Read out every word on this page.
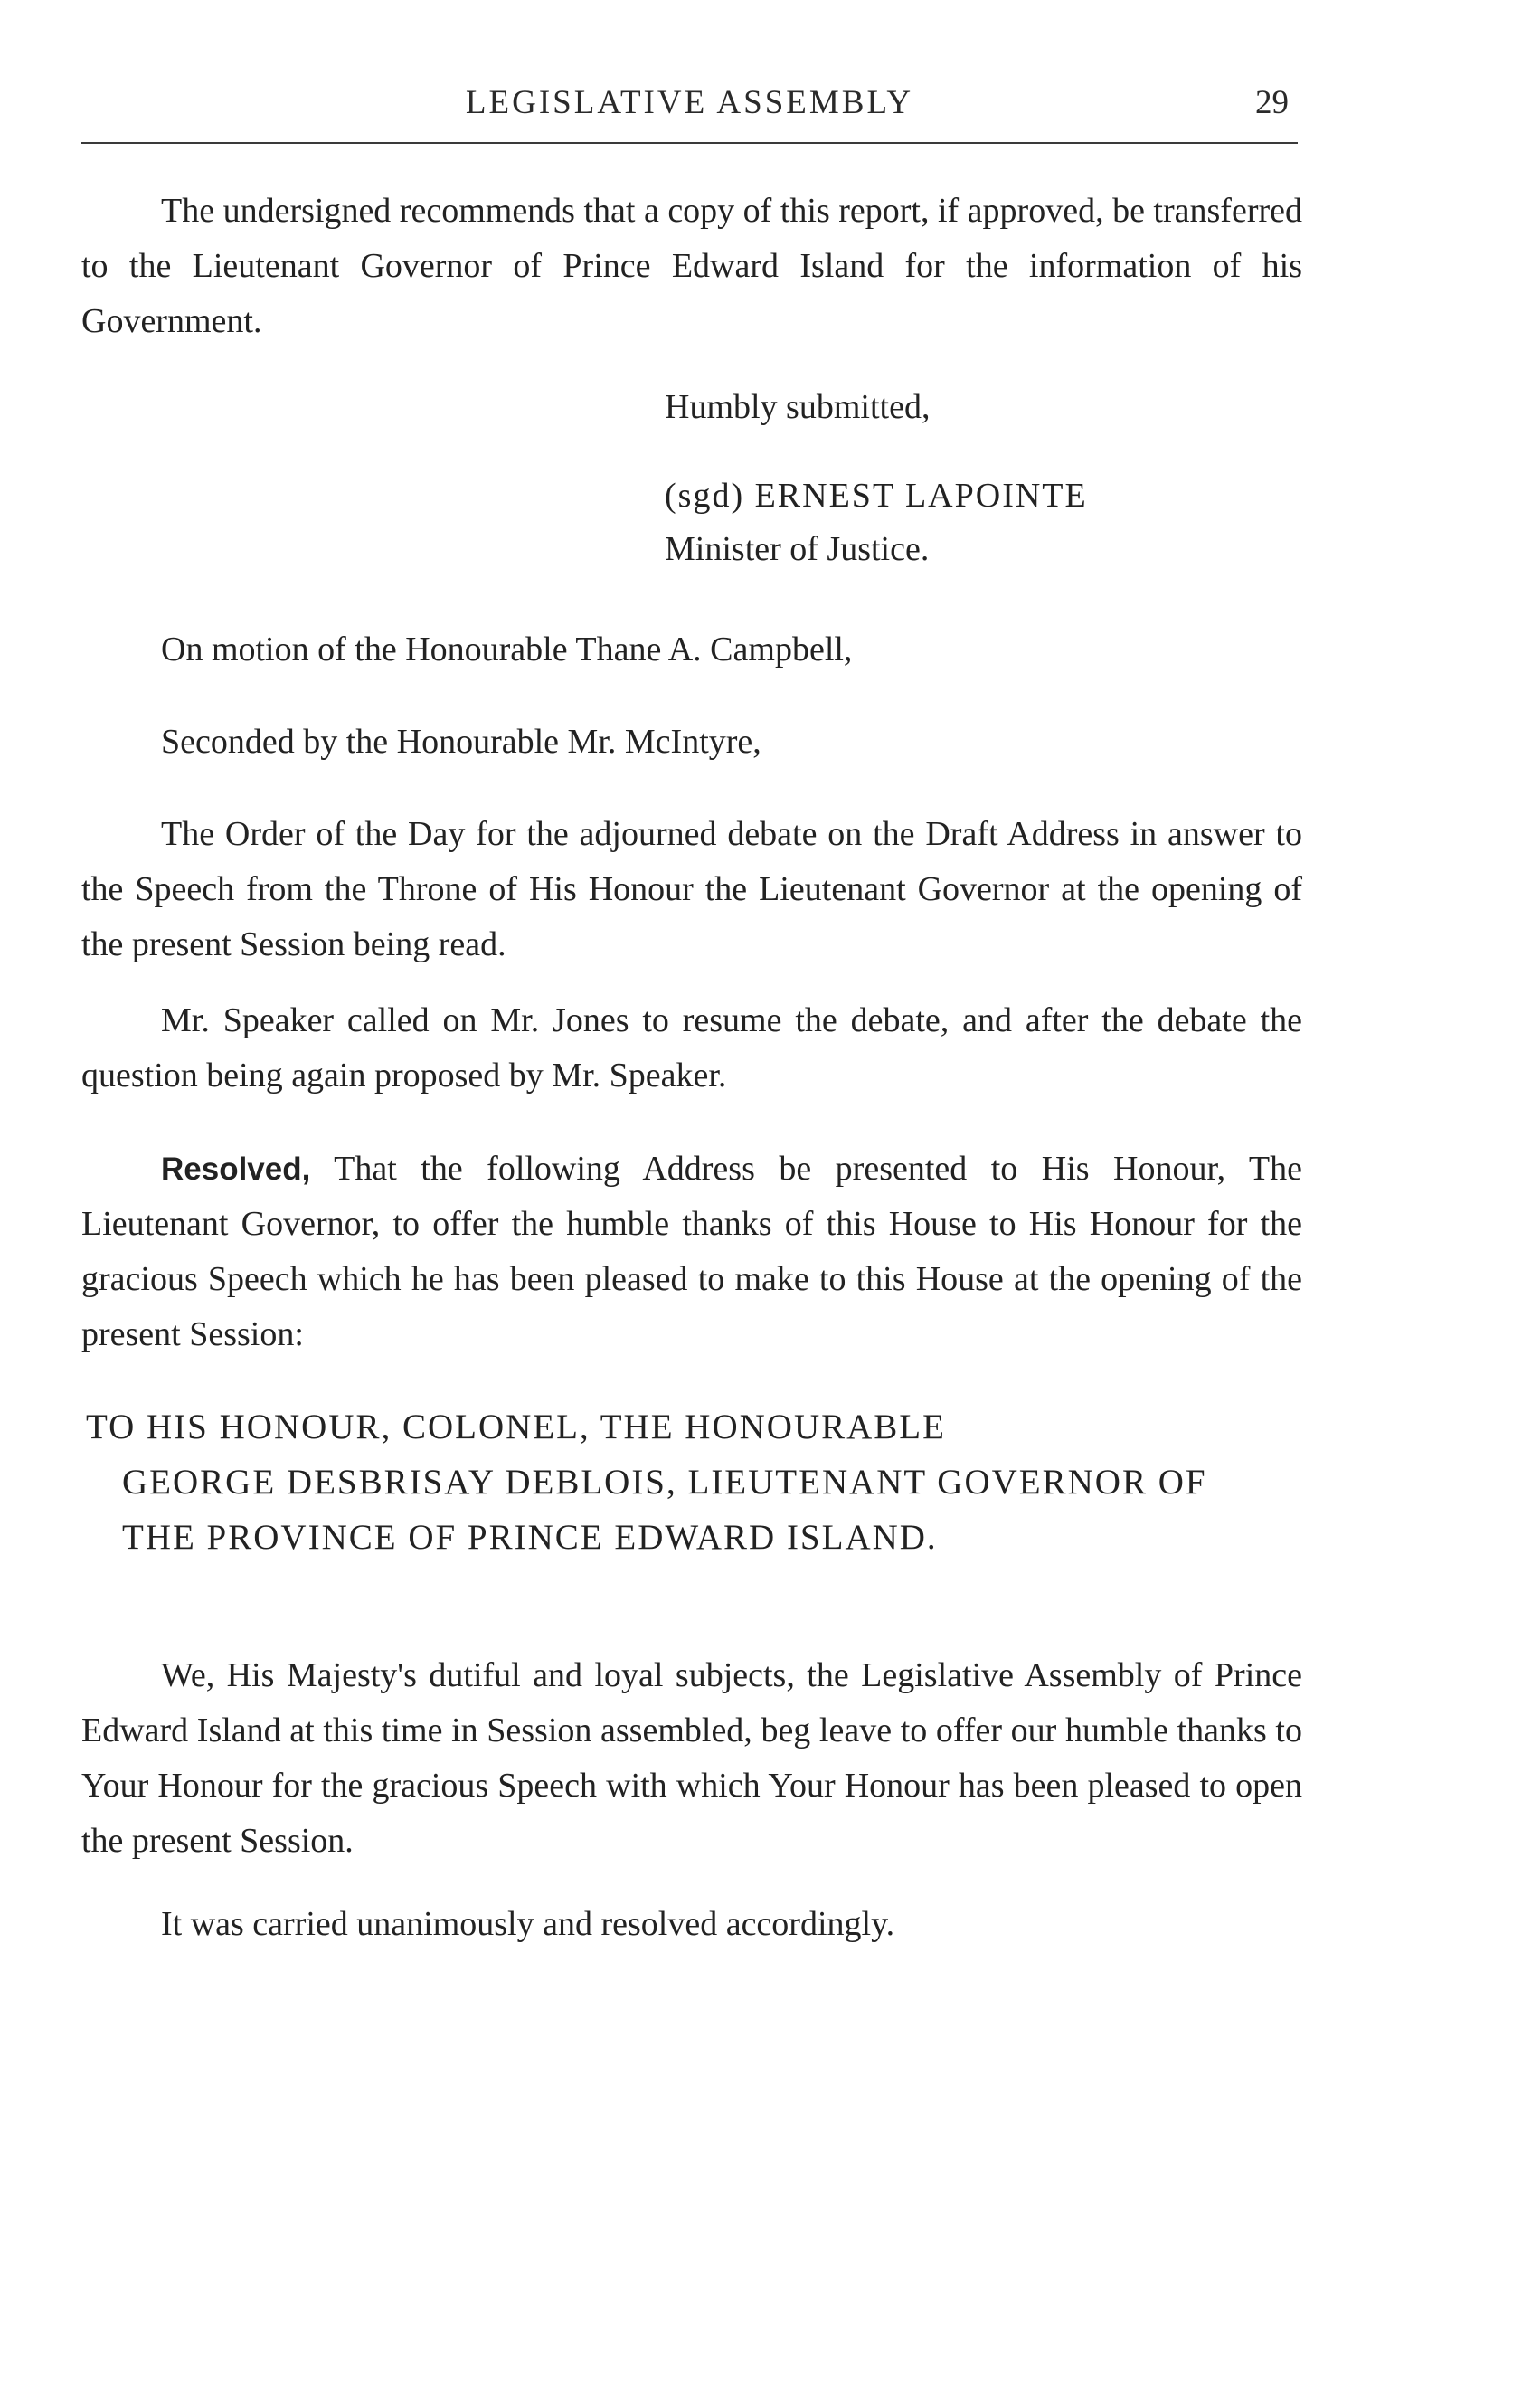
LEGISLATIVE ASSEMBLY	29

The undersigned recommends that a copy of this report, if approved, be transferred to the Lieutenant Governor of Prince Edward Island for the information of his Government.

Humbly submitted,
(sgd) ERNEST LAPOINTE
Minister of Justice.
On motion of the Honourable Thane A. Campbell,
Seconded by the Honourable Mr. McIntyre,

The Order of the Day for the adjourned debate on the Draft Address in answer to the Speech from the Throne of His Honour the Lieutenant Governor at the opening of the present Session being read.

Mr. Speaker called on Mr. Jones to resume the debate, and after the debate the question being again proposed by Mr. Speaker.

Resolved, That the following Address be presented to His Honour, The Lieutenant Governor, to offer the humble thanks of this House to His Honour for the gracious Speech which he has been pleased to make to this House at the opening of the present Session:

TO HIS HONOUR, COLONEL, THE HONOURABLE
GEORGE DESBRISAY DEBLOIS, LIEUTENANT GOVERNOR OF THE PROVINCE OF PRINCE EDWARD ISLAND.

We, His Majesty's dutiful and loyal subjects, the Legislative Assembly of Prince Edward Island at this time in Session assembled, beg leave to offer our humble thanks to Your Honour for the gracious Speech with which Your Honour has been pleased to open the present Session.

It was carried unanimously and resolved accordingly.
